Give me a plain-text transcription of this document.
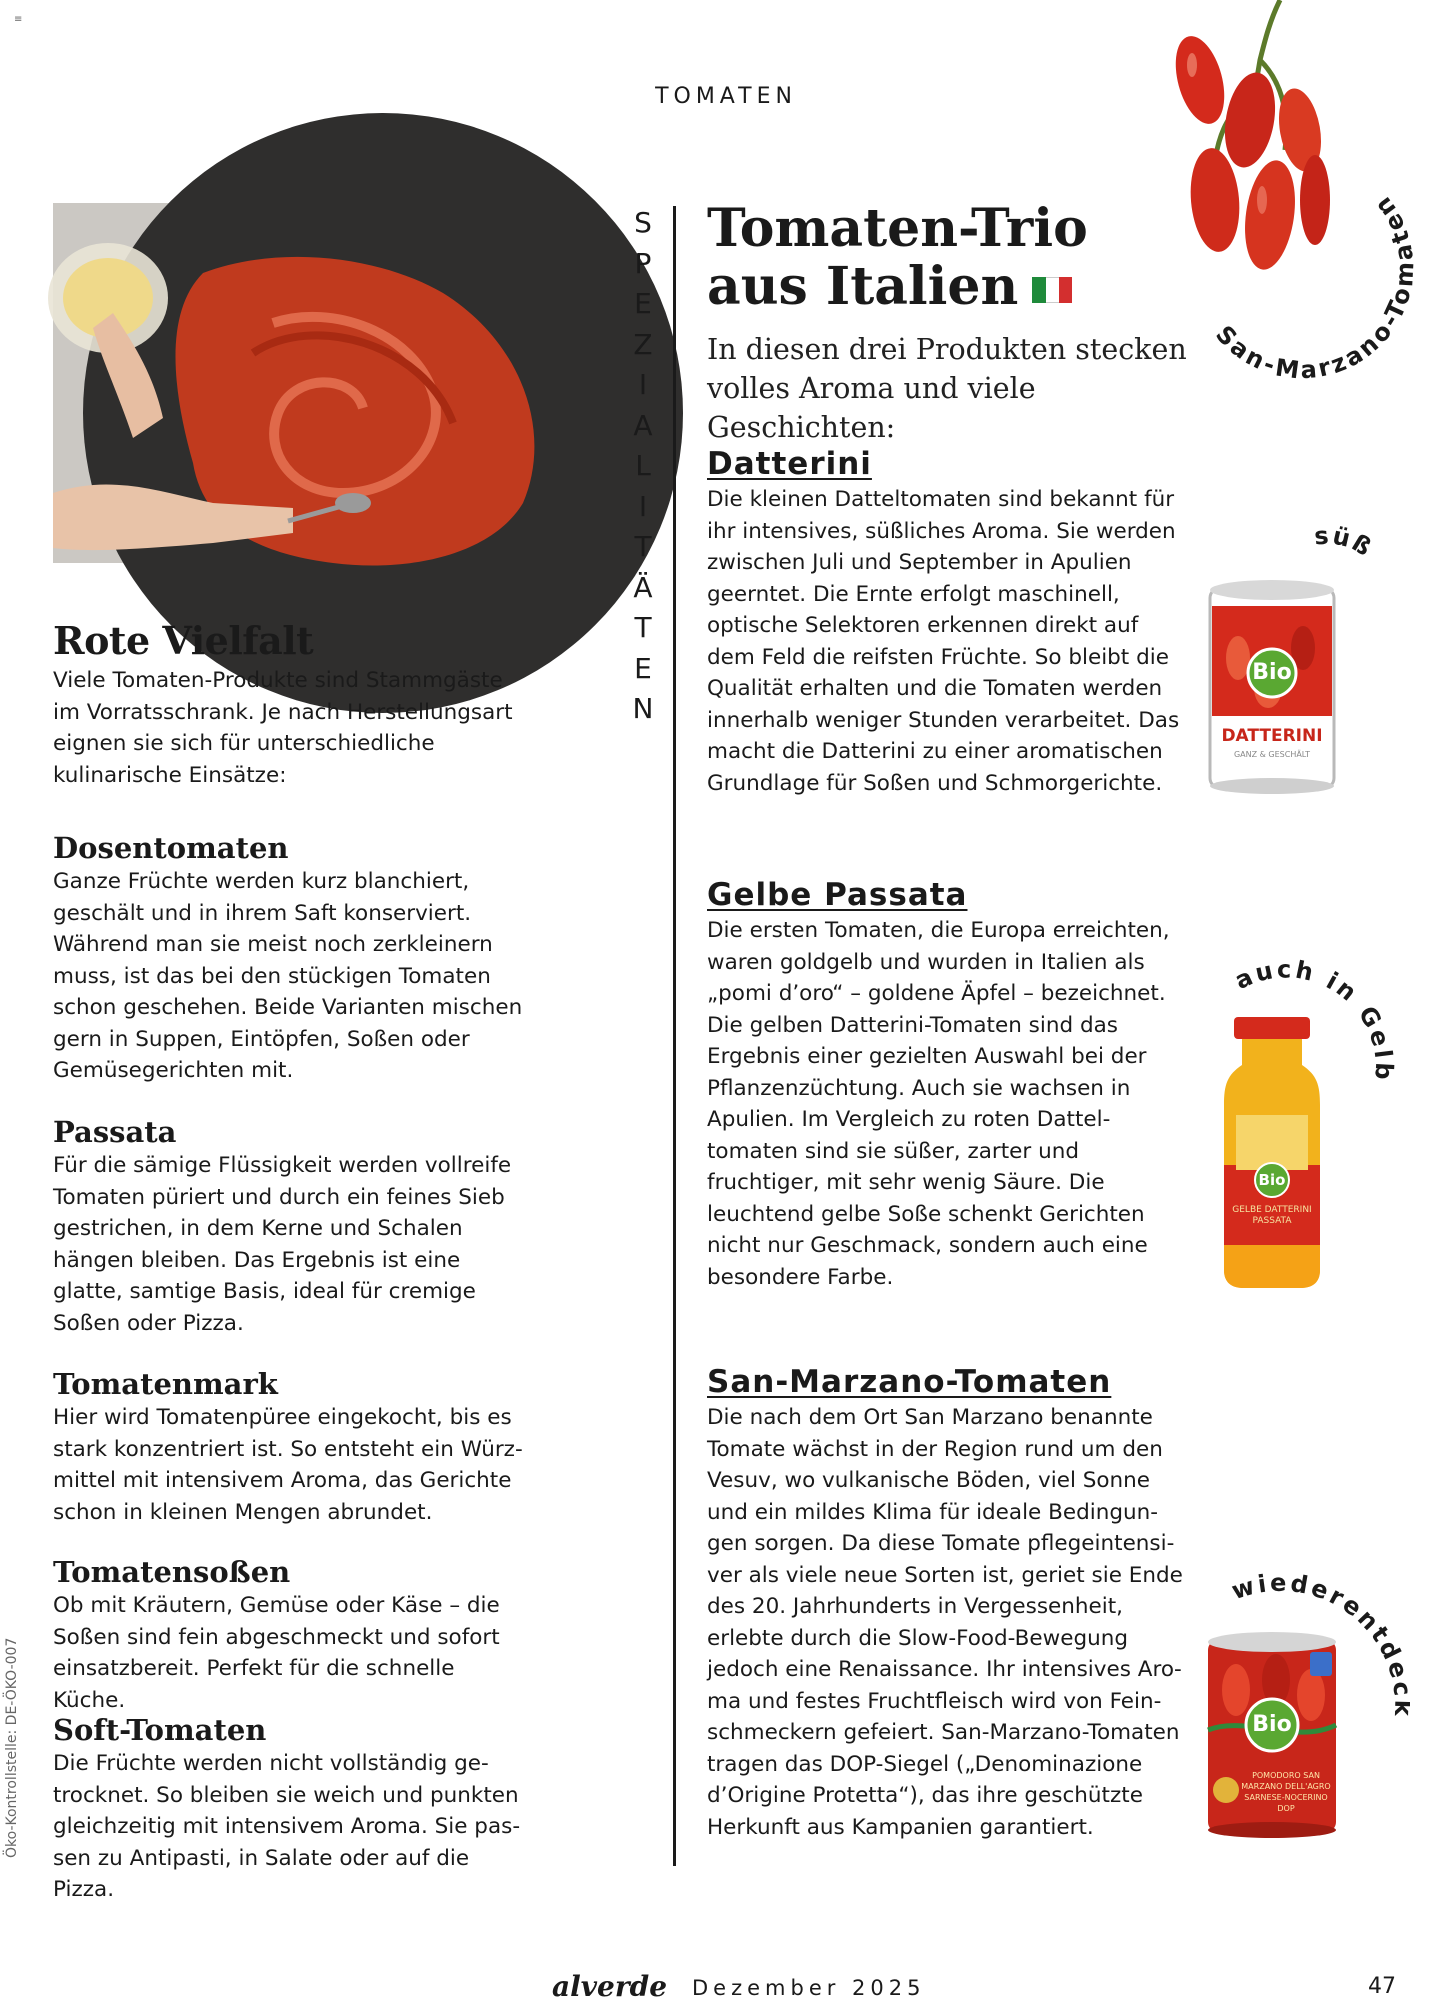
≡
TOMATEN
Rote Vielfalt
Viele Tomaten-Produkte sind Stammgäste im Vorratsschrank. Je nach Herstellungsart eignen sie sich für unterschiedliche kulinarische Einsätze:
Dosentomaten
Ganze Früchte werden kurz blanchiert, geschält und in ihrem Saft konserviert. Während man sie meist noch zerkleinern muss, ist das bei den stückigen Tomaten schon geschehen. Beide Varianten mischen gern in Suppen, Eintöpfen, Soßen oder Gemüsegerichten mit.
Passata
Für die sämige Flüssigkeit werden vollreife Tomaten püriert und durch ein feines Sieb gestrichen, in dem Kerne und Schalen hängen bleiben. Das Ergebnis ist eine glatte, samtige Basis, ideal für cremige Soßen oder Pizza.
Tomatenmark
Hier wird Tomatenpüree eingekocht, bis es stark konzentriert ist. So entsteht ein Würzmittel mit intensivem Aroma, das Gerichte schon in kleinen Mengen abrundet.
Tomatensoßen
Ob mit Kräutern, Gemüse oder Käse – die Soßen sind fein abgeschmeckt und sofort einsatzbereit. Perfekt für die schnelle Küche.
Soft-Tomaten
Die Früchte werden nicht vollständig getrocknet. So bleiben sie weich und punkten gleichzeitig mit intensivem Aroma. Sie passen zu Antipasti, in Salate oder auf die Pizza.
S
P
E
Z
I
A
L
I
T
Ä
T
E
N
Tomaten-Trio
aus Italien
In diesen drei Produkten stecken volles Aroma und viele Geschichten:
Datterini
Die kleinen Datteltomaten sind bekannt für ihr intensives, süßliches Aroma. Sie werden zwischen Juli und September in Apulien geerntet. Die Ernte erfolgt maschinell, optische Selektoren erkennen direkt auf dem Feld die reifsten Früchte. So bleibt die Qualität erhalten und die Tomaten werden innerhalb weniger Stunden verarbeitet. Das macht die Datterini zu einer aromatischen Grundlage für Soßen und Schmorgerichte.
Gelbe Passata
Die ersten Tomaten, die Europa erreichten, waren goldgelb und wurden in Italien als „pomi d’oro“ – goldene Äpfel – bezeichnet. Die gelben Datterini-Tomaten sind das Ergebnis einer gezielten Auswahl bei der Pflanzenzüchtung. Auch sie wachsen in Apulien. Im Vergleich zu roten Datteltomaten sind sie süßer, zarter und fruchtiger, mit sehr wenig Säure. Die leuchtend gelbe Soße schenkt Gerichten nicht nur Geschmack, sondern auch eine besondere Farbe.
San-Marzano-Tomaten
Die nach dem Ort San Marzano benannte Tomate wächst in der Region rund um den Vesuv, wo vulkanische Böden, viel Sonne und ein mildes Klima für ideale Bedingungen sorgen. Da diese Tomate pflegeintensiver als viele neue Sorten ist, geriet sie Ende des 20. Jahrhunderts in Vergessenheit, erlebte durch die Slow-Food-Bewegung jedoch eine Renaissance. Ihr intensives Aroma und festes Fruchtfleisch wird von Feinschmeckern gefeiert. San-Marzano-Tomaten tragen das DOP-Siegel („Denominazione d’Origine Protetta“), das ihre geschützte Herkunft aus Kampanien garantiert.
San-Marzano-To ten
süß
Bio
DATTERINI
GANZ & GESCHÄLT
uch in Gel
Bio
GELBE DATTERINI PASSATA
wiederentd
Bio
POMODORO SAN MARZANO DELL'AGRO SARNESE-NOCERINO DOP
Öko-Kontrollstelle: DE-ÖKO-007
alverde Dezember 2025	47
